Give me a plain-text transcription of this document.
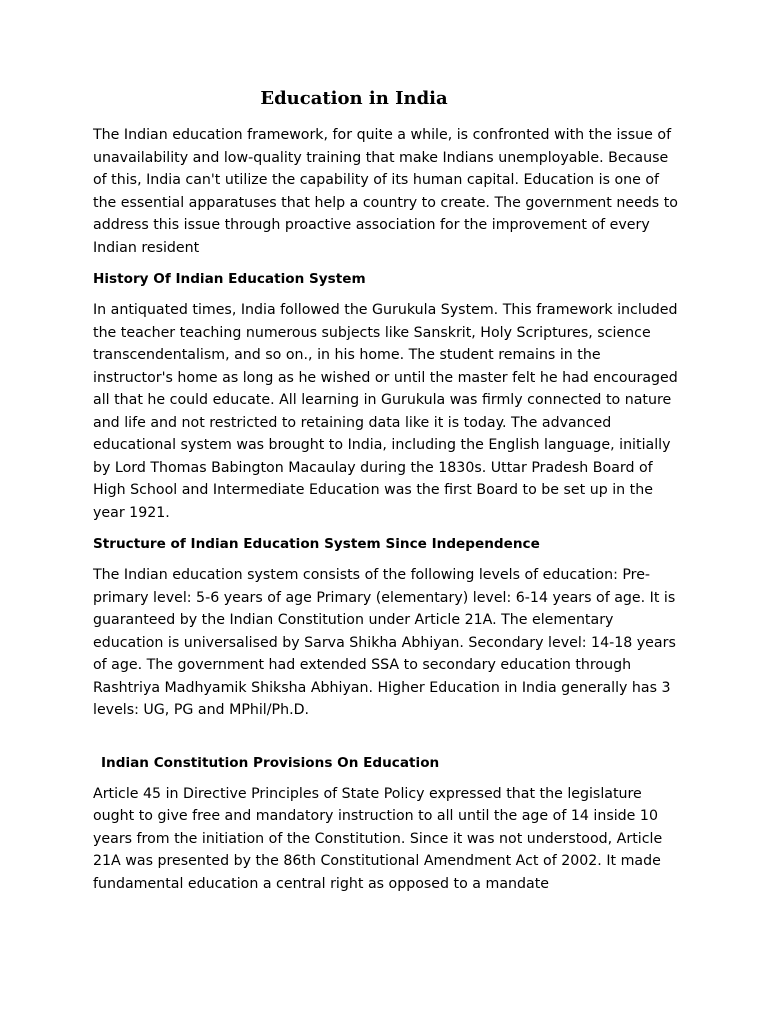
Education in India

The Indian education framework, for quite a while, is confronted with the issue of unavailability and low-quality training that make Indians unemployable. Because of this, India can't utilize the capability of its human capital. Education is one of the essential apparatuses that help a country to create. The government needs to address this issue through proactive association for the improvement of every Indian resident

History Of Indian Education System

In antiquated times, India followed the Gurukula System. This framework included the teacher teaching numerous subjects like Sanskrit, Holy Scriptures, science transcendentalism, and so on., in his home. The student remains in the instructor's home as long as he wished or until the master felt he had encouraged all that he could educate. All learning in Gurukula was firmly connected to nature and life and not restricted to retaining data like it is today. The advanced educational system was brought to India, including the English language, initially by Lord Thomas Babington Macaulay during the 1830s. Uttar Pradesh Board of High School and Intermediate Education was the first Board to be set up in the year 1921.

Structure of Indian Education System Since Independence

The Indian education system consists of the following levels of education: Pre-primary level: 5-6 years of age Primary (elementary) level: 6-14 years of age. It is guaranteed by the Indian Constitution under Article 21A. The elementary education is universalised by Sarva Shikha Abhiyan. Secondary level: 14-18 years of age. The government had extended SSA to secondary education through Rashtriya Madhyamik Shiksha Abhiyan. Higher Education in India generally has 3 levels: UG, PG and MPhil/Ph.D.

Indian Constitution Provisions On Education

Article 45 in Directive Principles of State Policy expressed that the legislature ought to give free and mandatory instruction to all until the age of 14 inside 10 years from the initiation of the Constitution. Since it was not understood, Article 21A was presented by the 86th Constitutional Amendment Act of 2002. It made fundamental education a central right as opposed to a mandate
